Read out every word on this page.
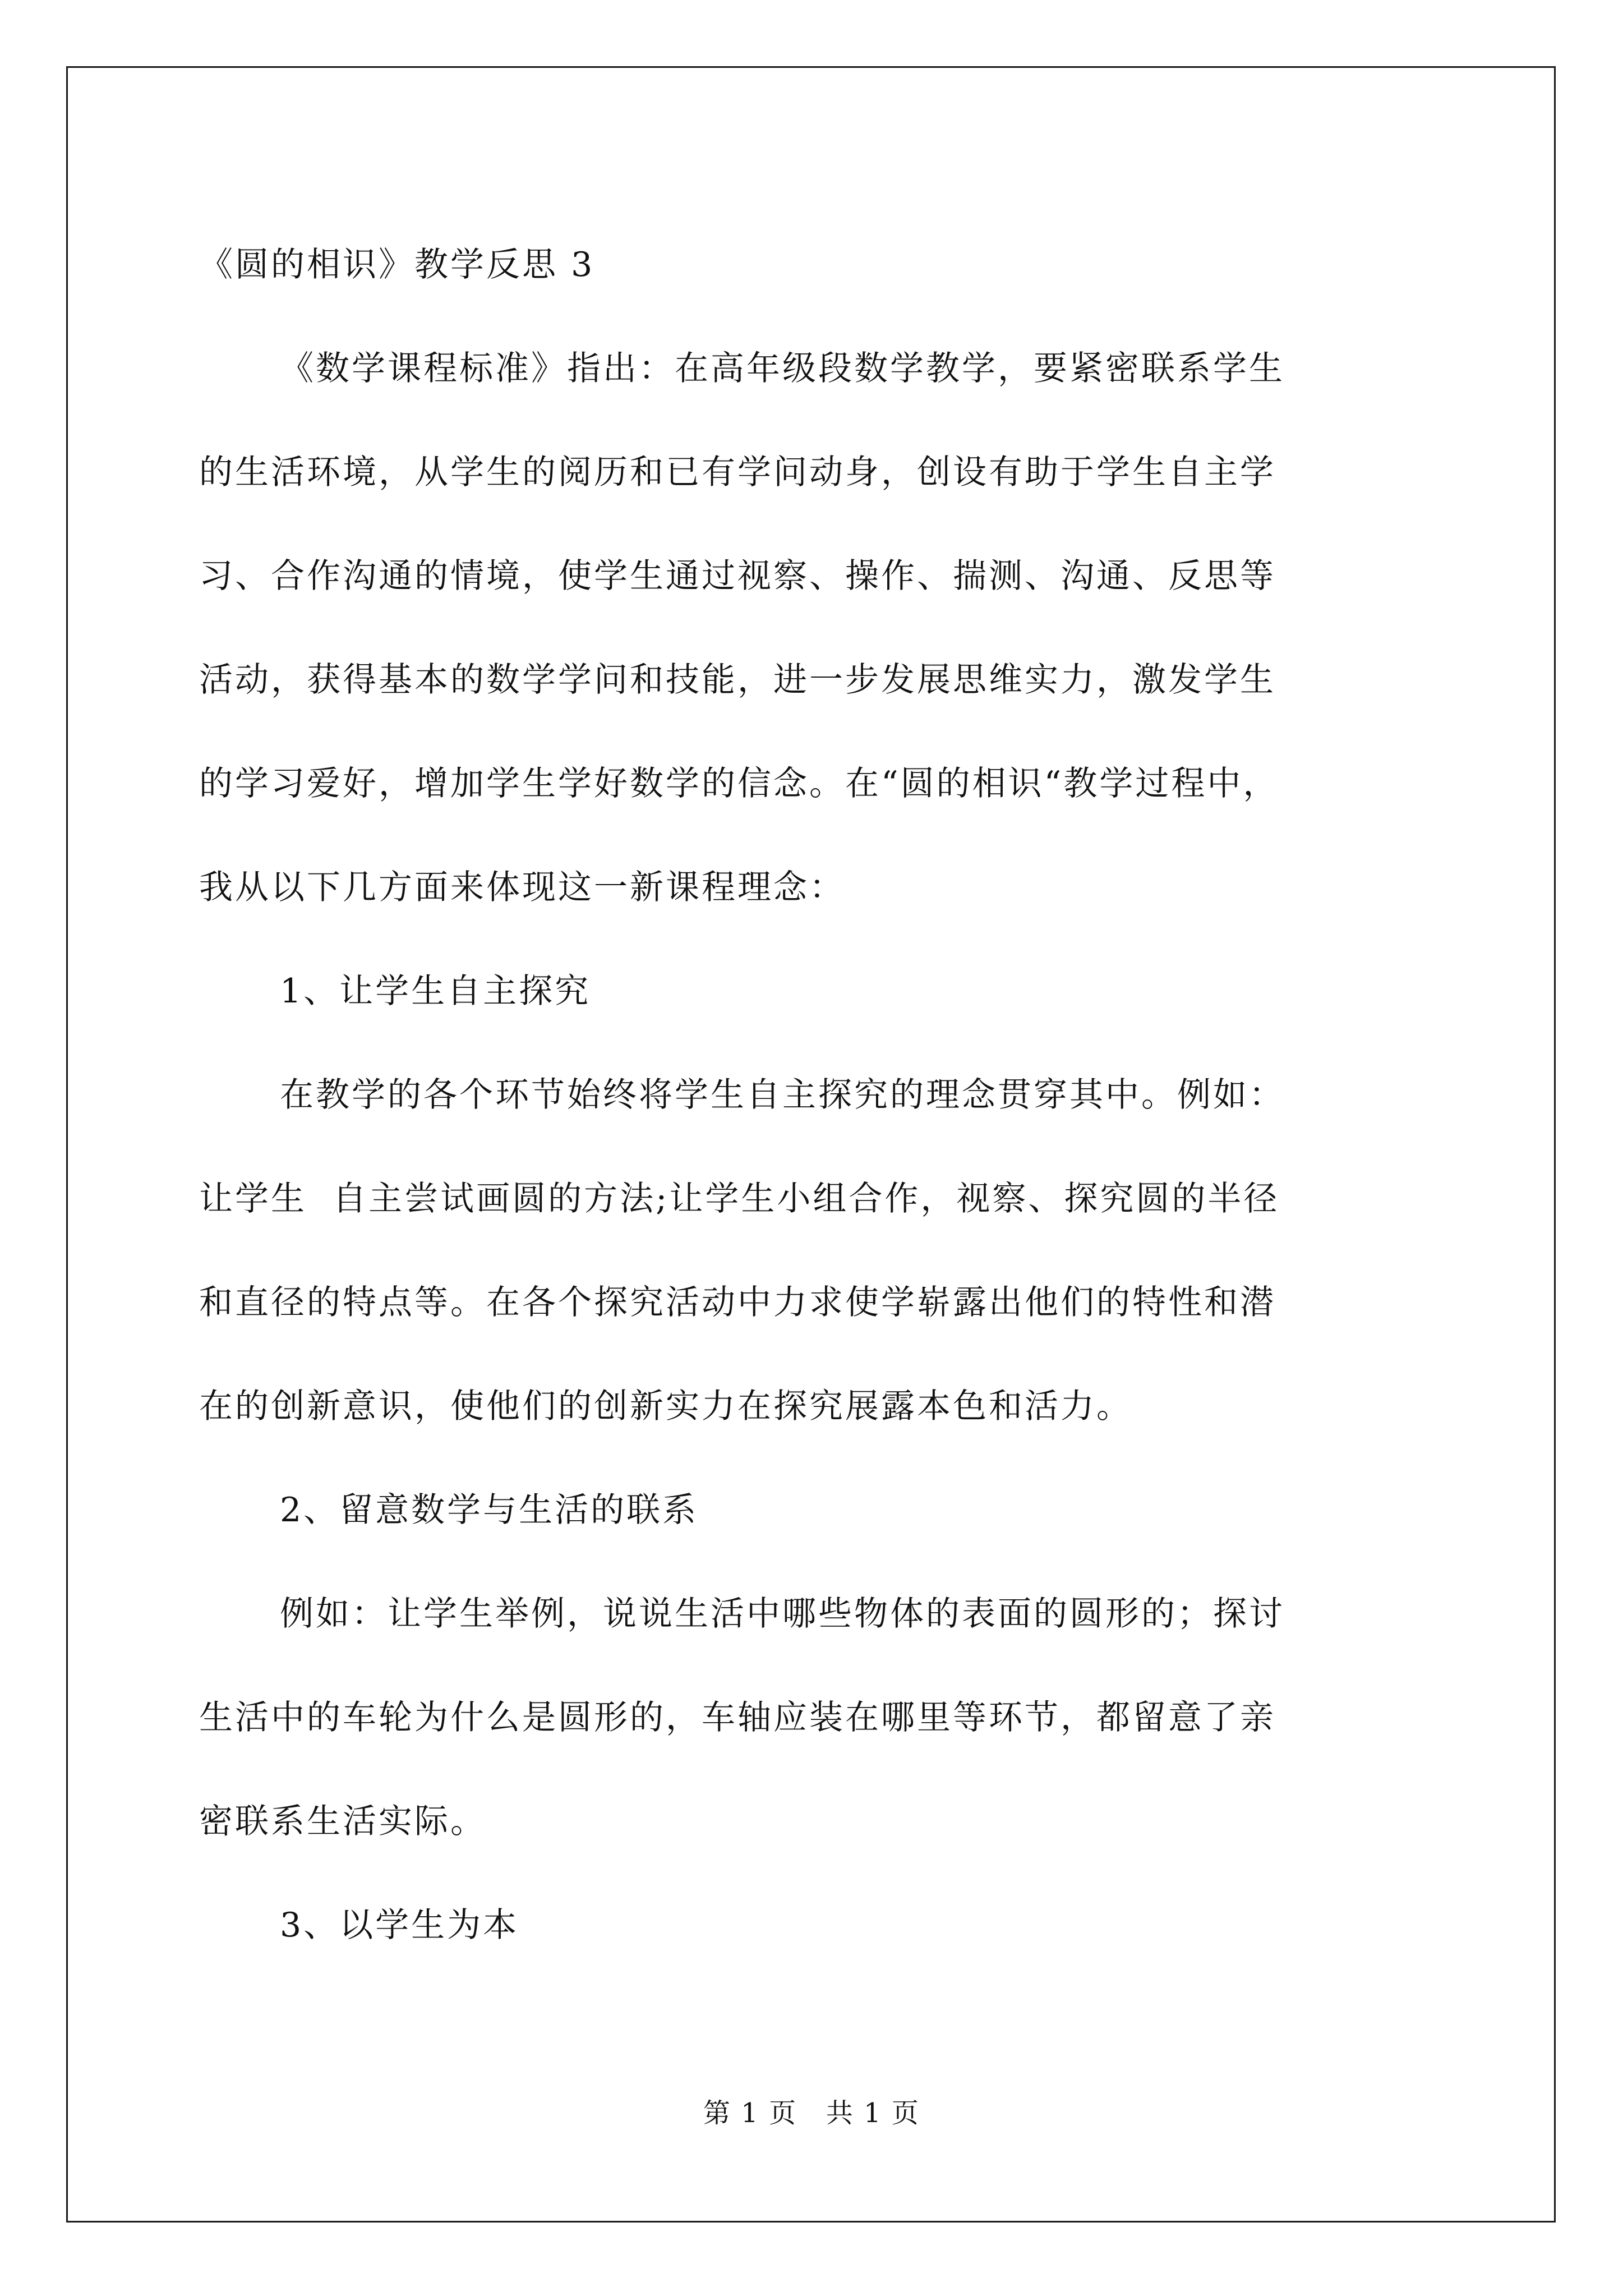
《圆的相识》教学反思 3
《数学课程标准》指出：在高年级段数学教学，要紧密联系学生
的生活环境，从学生的阅历和已有学问动身，创设有助于学生自主学
习、合作沟通的情境，使学生通过视察、操作、揣测、沟通、反思等
活动，获得基本的数学学问和技能，进一步发展思维实力，激发学生
的学习爱好，增加学生学好数学的信念。在“圆的相识“教学过程中，
我从以下几方面来体现这一新课程理念：
1、让学生自主探究
在教学的各个环节始终将学生自主探究的理念贯穿其中。例如：
让学生  自主尝试画圆的方法;让学生小组合作，视察、探究圆的半径
和直径的特点等。在各个探究活动中力求使学崭露出他们的特性和潜
在的创新意识，使他们的创新实力在探究展露本色和活力。
2、留意数学与生活的联系
例如：让学生举例，说说生活中哪些物体的表面的圆形的；探讨
生活中的车轮为什么是圆形的，车轴应装在哪里等环节，都留意了亲
密联系生活实际。
3、以学生为本
第 1 页   共 1 页
